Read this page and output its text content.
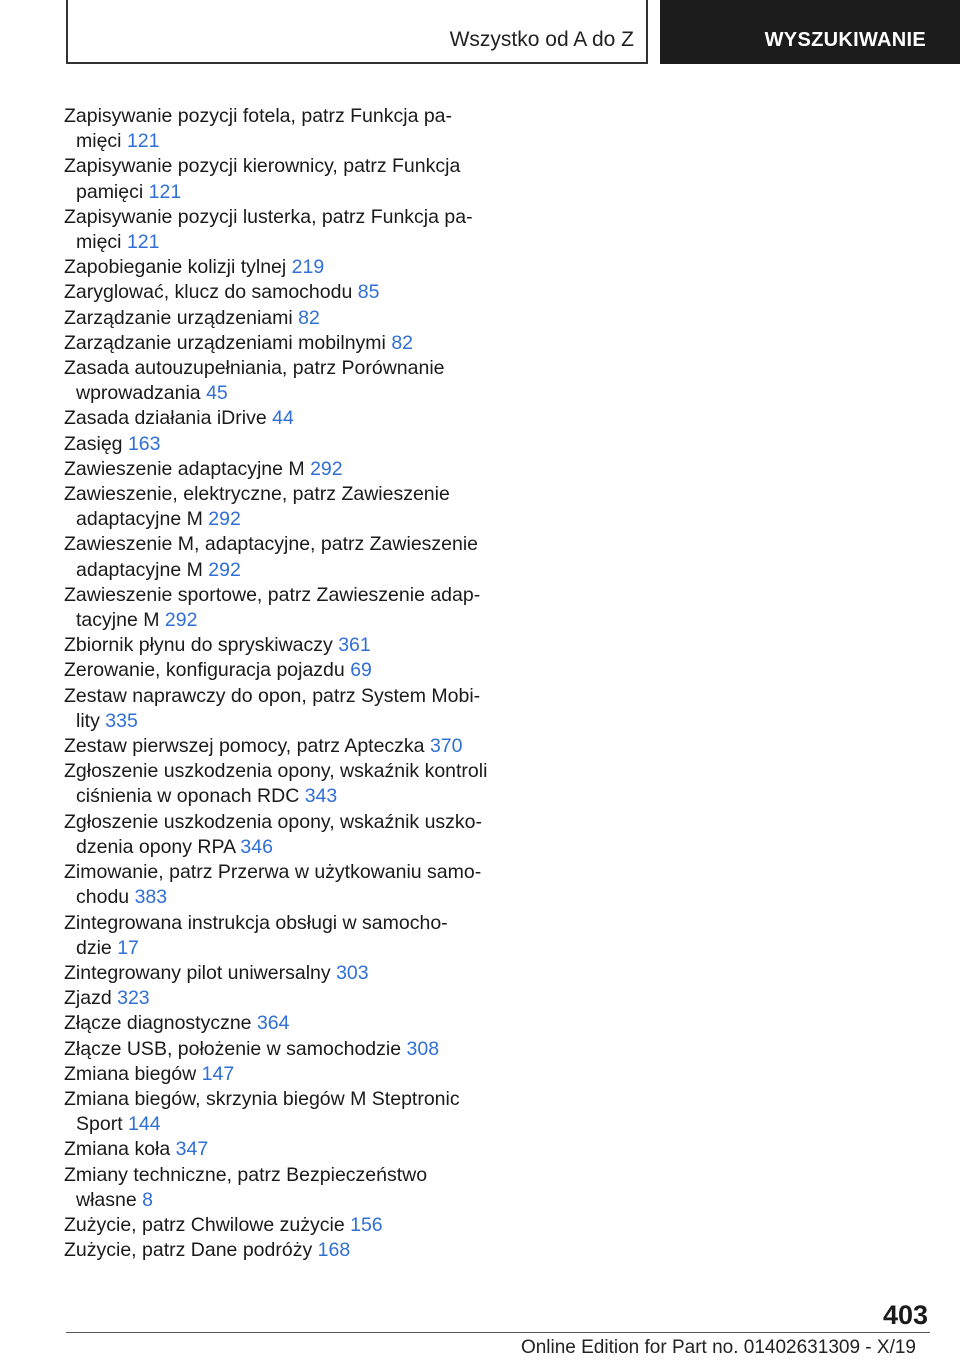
Wszystko od A do Z	WYSZUKIWANIE
Zapisywanie pozycji fotela, patrz Funkcja pa-
mięci 121
Zapisywanie pozycji kierownicy, patrz Funkcja
pamięci 121
Zapisywanie pozycji lusterka, patrz Funkcja pa-
mięci 121
Zapobieganie kolizji tylnej 219
Zaryglować, klucz do samochodu 85
Zarządzanie urządzeniami 82
Zarządzanie urządzeniami mobilnymi 82
Zasada autouzupełniania, patrz Porównanie
wprowadzania 45
Zasada działania iDrive 44
Zasięg 163
Zawieszenie adaptacyjne M 292
Zawieszenie, elektryczne, patrz Zawieszenie
adaptacyjne M 292
Zawieszenie M, adaptacyjne, patrz Zawieszenie
adaptacyjne M 292
Zawieszenie sportowe, patrz Zawieszenie adap-
tacyjne M 292
Zbiornik płynu do spryskiwaczy 361
Zerowanie, konfiguracja pojazdu 69
Zestaw naprawczy do opon, patrz System Mobi-
lity 335
Zestaw pierwszej pomocy, patrz Apteczka 370
Zgłoszenie uszkodzenia opony, wskaźnik kontroli
ciśnienia w oponach RDC 343
Zgłoszenie uszkodzenia opony, wskaźnik uszko-
dzenia opony RPA 346
Zimowanie, patrz Przerwa w użytkowaniu samo-
chodu 383
Zintegrowana instrukcja obsługi w samocho-
dzie 17
Zintegrowany pilot uniwersalny 303
Zjazd 323
Złącze diagnostyczne 364
Złącze USB, położenie w samochodzie 308
Zmiana biegów 147
Zmiana biegów, skrzynia biegów M Steptronic
Sport 144
Zmiana koła 347
Zmiany techniczne, patrz Bezpieczeństwo
własne 8
Zużycie, patrz Chwilowe zużycie 156
Zużycie, patrz Dane podróży 168
403
Online Edition for Part no. 01402631309 - X/19
